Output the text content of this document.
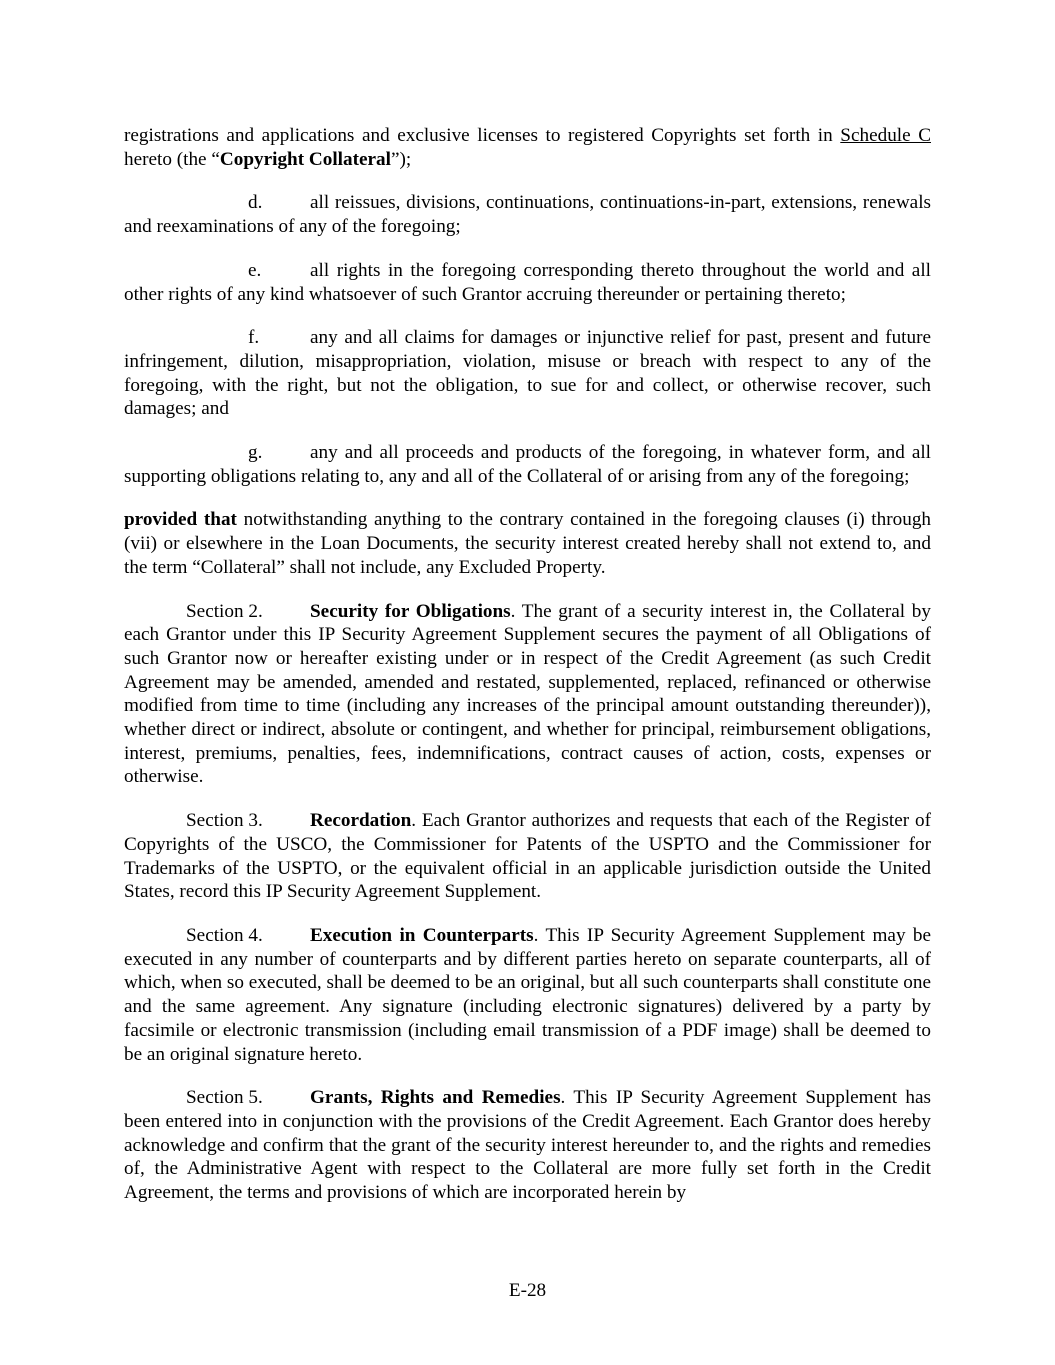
registrations and applications and exclusive licenses to registered Copyrights set forth in Schedule C hereto (the “Copyright Collateral”);

d. all reissues, divisions, continuations, continuations-in-part, extensions, renewals and reexaminations of any of the foregoing;

e.	all rights in the foregoing corresponding thereto throughout the world and all other rights of any kind whatsoever of such Grantor accruing thereunder or pertaining thereto;

f.	any and all claims for damages or injunctive relief for past, present and future infringement, dilution, misappropriation, violation, misuse or breach with respect to any of the foregoing, with the right, but not the obligation, to sue for and collect, or otherwise recover, such damages; and

g. any and all proceeds and products of the foregoing, in whatever form, and all supporting obligations relating to, any and all of the Collateral of or arising from any of the foregoing;

provided that notwithstanding anything to the contrary contained in the foregoing clauses (i) through (vii) or elsewhere in the Loan Documents, the security interest created hereby shall not extend to, and the term “Collateral” shall not include, any Excluded Property.

Section 2. Security for Obligations. The grant of a security interest in, the Collateral by each Grantor under this IP Security Agreement Supplement secures the payment of all Obligations of such Grantor now or hereafter existing under or in respect of the Credit Agreement (as such Credit Agreement may be amended, amended and restated, supplemented, replaced, refinanced or otherwise modified from time to time (including any increases of the principal amount outstanding thereunder)), whether direct or indirect, absolute or contingent, and whether for principal, reimbursement obligations, interest, premiums, penalties, fees, indemnifications, contract causes of action, costs, expenses or otherwise.

Section 3. Recordation. Each Grantor authorizes and requests that each of the Register of Copyrights of the USCO, the Commissioner for Patents of the USPTO and the Commissioner for Trademarks of the USPTO, or the equivalent official in an applicable jurisdiction outside the United States, record this IP Security Agreement Supplement.

Section 4. Execution in Counterparts. This IP Security Agreement Supplement may be executed in any number of counterparts and by different parties hereto on separate counterparts, all of which, when so executed, shall be deemed to be an original, but all such counterparts shall constitute one and the same agreement. Any signature (including electronic signatures) delivered by a party by facsimile or electronic transmission (including email transmission of a PDF image) shall be deemed to be an original signature hereto.

Section 5. Grants, Rights and Remedies. This IP Security Agreement Supplement has been entered into in conjunction with the provisions of the Credit Agreement. Each Grantor does hereby acknowledge and confirm that the grant of the security interest hereunder to, and the rights and remedies of, the Administrative Agent with respect to the Collateral are more fully set forth in the Credit Agreement, the terms and provisions of which are incorporated herein by

E-28
